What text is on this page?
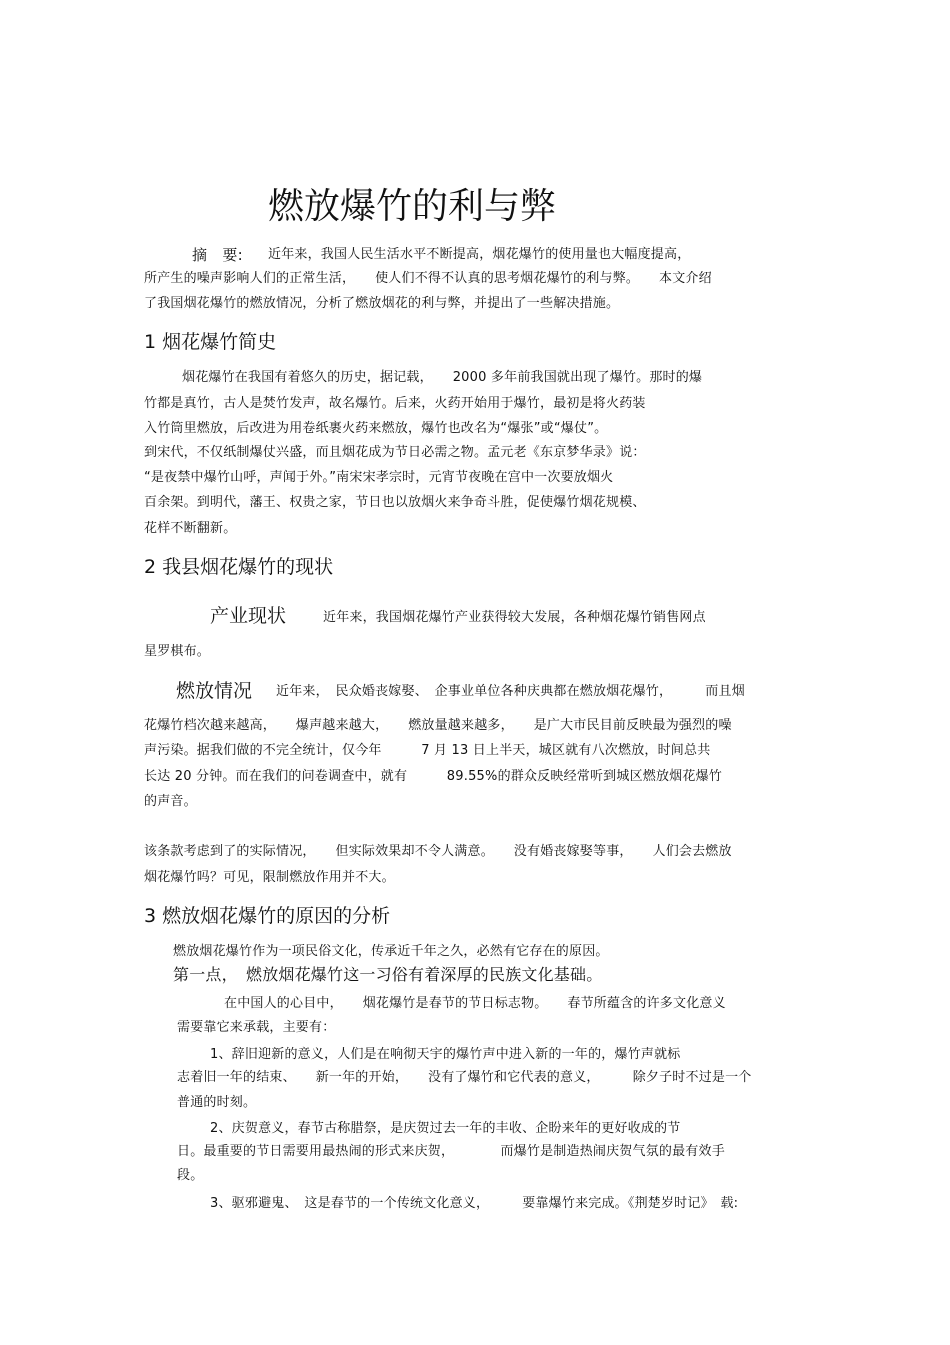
燃放爆竹的利与弊
摘　要: 近年来，我国人民生活水平不断提高，烟花爆竹的使用量也大幅度提高，
所产生的噪声影响人们的正常生活，　　使人们不得不认真的思考烟花爆竹的利与弊。　　本文介绍
了我国烟花爆竹的燃放情况，分析了燃放烟花的利与弊，并提出了一些解决措施。
1 烟花爆竹简史
烟花爆竹在我国有着悠久的历史，据记载，　　2000 多年前我国就出现了爆竹。那时的爆
竹都是真竹，古人是焚竹发声，故名爆竹。后来，火药开始用于爆竹，最初是将火药装
入竹筒里燃放，后改进为用卷纸裹火药来燃放，爆竹也改名为“爆张”或“爆仗”。
到宋代，不仅纸制爆仗兴盛，而且烟花成为节日必需之物。孟元老《东京梦华录》说：
“是夜禁中爆竹山呼，声闻于外。”南宋宋孝宗时，元宵节夜晚在宫中一次要放烟火
百余架。到明代，藩王、权贵之家，节日也以放烟火来争奇斗胜，促使爆竹烟花规模、
花样不断翻新。
2 我县烟花爆竹的现状
产业现状	近年来，我国烟花爆竹产业获得较大发展，各种烟花爆竹销售网点
星罗棋布。
燃放情况 近年来，　民众婚丧嫁娶、　企事业单位各种庆典都在燃放烟花爆竹，　　　而且烟
花爆竹档次越来越高，　　爆声越来越大，　　燃放量越来越多，　　是广大市民目前反映最为强烈的噪
声污染。据我们做的不完全统计，仅今年　　　7 月 13 日上半天，城区就有八次燃放，时间总共
长达 20 分钟。而在我们的问卷调查中，就有　　　89.55%的群众反映经常听到城区燃放烟花爆竹
的声音。
该条款考虑到了的实际情况，　　但实际效果却不令人满意。　　没有婚丧嫁娶等事，　　人们会去燃放
烟花爆竹吗？可见，限制燃放作用并不大。
3 燃放烟花爆竹的原因的分析
燃放烟花爆竹作为一项民俗文化，传承近千年之久，必然有它存在的原因。
第一点，　燃放烟花爆竹这一习俗有着深厚的民族文化基础。
在中国人的心目中，　　烟花爆竹是春节的节日标志物。　　春节所蕴含的许多文化意义
需要靠它来承载，主要有：
1、辞旧迎新的意义，人们是在响彻天宇的爆竹声中进入新的一年的，爆竹声就标
志着旧一年的结束、　　新一年的开始，　　没有了爆竹和它代表的意义，　　　除夕子时不过是一个
普通的时刻。
2、庆贺意义，春节古称腊祭，是庆贺过去一年的丰收、企盼来年的更好收成的节
日。最重要的节日需要用最热闹的形式来庆贺，　　　　而爆竹是制造热闹庆贺气氛的最有效手
段。
3、驱邪避鬼、　这是春节的一个传统文化意义，　　　要靠爆竹来完成。《荆楚岁时记》　载:
